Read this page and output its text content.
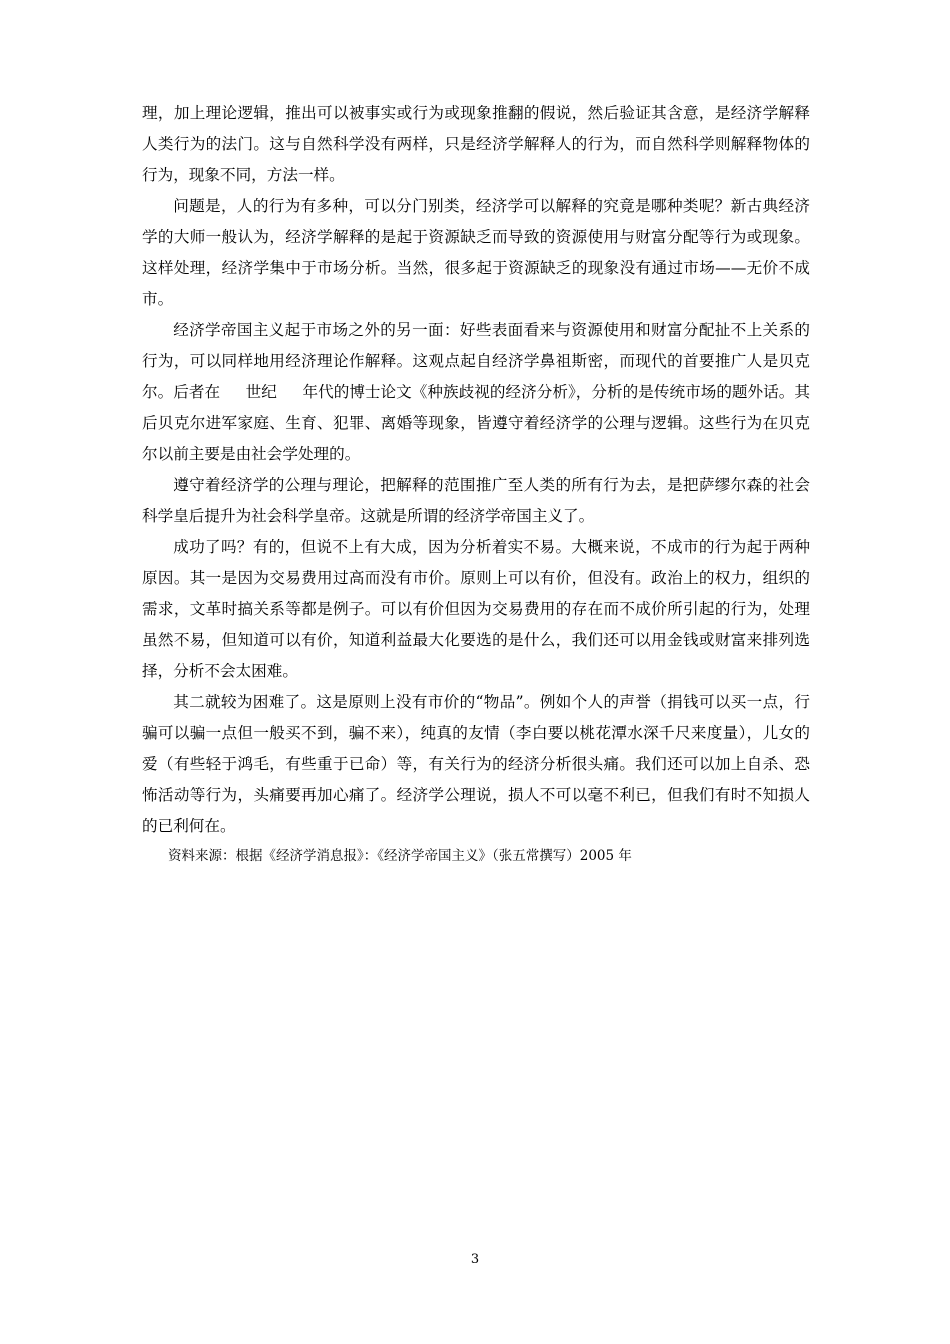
理，加上理论逻辑，推出可以被事实或行为或现象推翻的假说，然后验证其含意，是经济学解释人类行为的法门。这与自然科学没有两样，只是经济学解释人的行为，而自然科学则解释物体的行为，现象不同，方法一样。

问题是，人的行为有多种，可以分门别类，经济学可以解释的究竟是哪种类呢？新古典经济学的大师一般认为，经济学解释的是起于资源缺乏而导致的资源使用与财富分配等行为或现象。这样处理，经济学集中于市场分析。当然，很多起于资源缺乏的现象没有通过市场——无价不成市。

经济学帝国主义起于市场之外的另一面：好些表面看来与资源使用和财富分配扯不上关系的行为，可以同样地用经济理论作解释。这观点起自经济学鼻祖斯密，而现代的首要推广人是贝克尔。后者在 　 世纪 　 年代的博士论文《种族歧视的经济分析》，分析的是传统市场的题外话。其后贝克尔进军家庭、生育、犯罪、离婚等现象，皆遵守着经济学的公理与逻辑。这些行为在贝克尔以前主要是由社会学处理的。

遵守着经济学的公理与理论，把解释的范围推广至人类的所有行为去，是把萨缪尔森的社会科学皇后提升为社会科学皇帝。这就是所谓的经济学帝国主义了。

成功了吗？有的，但说不上有大成，因为分析着实不易。大概来说，不成市的行为起于两种原因。其一是因为交易费用过高而没有市价。原则上可以有价，但没有。政治上的权力，组织的需求，文革时搞关系等都是例子。可以有价但因为交易费用的存在而不成价所引起的行为，处理虽然不易，但知道可以有价，知道利益最大化要选的是什么，我们还可以用金钱或财富来排列选择，分析不会太困难。

其二就较为困难了。这是原则上没有市价的“物品”。例如个人的声誉（捐钱可以买一点，行骗可以骗一点但一般买不到，骗不来），纯真的友情（李白要以桃花潭水深千尺来度量），儿女的爱（有些轻于鸿毛，有些重于已命）等，有关行为的经济分析很头痛。我们还可以加上自杀、恐怖活动等行为，头痛要再加心痛了。经济学公理说，损人不可以毫不利已，但我们有时不知损人的已利何在。

资料来源：根据《经济学消息报》：《经济学帝国主义》（张五常撰写）2005 年

3
